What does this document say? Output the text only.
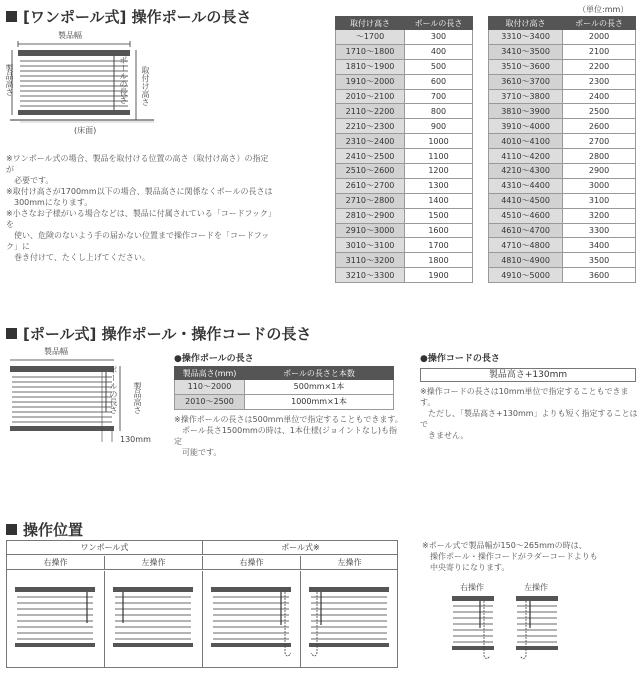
（単位:mm）
[ワンポール式] 操作ポールの長さ
製品幅
製品高さ	ポールの長さ 取付け高さ
(床面)
※ワンポール式の場合、製品を取付ける位置の高さ（取付け高さ）の指定が
　必要です。
※取付け高さが1700mm以下の場合、製品高さに関係なくポールの長さは
　300mmになります。
※小さなお子様がいる場合などは、製品に付属されている「コードフック」を
　使い、危険のないよう手の届かない位置まで操作コードを「コードフック」に
　巻き付けて、たくし上げてください。
取付け高さ	ポールの長さ
～1700	300
1710～1800	400
1810～1900	500
1910～2000	600
2010～2100	700
2110～2200	800
2210～2300	900
2310～2400	1000
2410～2500	1100
2510～2600	1200
2610～2700	1300
2710～2800	1400
2810～2900	1500
2910～3000	1600
3010～3100	1700
3110～3200	1800
3210～3300	1900
取付け高さ	ポールの長さ
3310～3400	2000
3410～3500	2100
3510～3600	2200
3610～3700	2300
3710～3800	2400
3810～3900	2500
3910～4000	2600
4010～4100	2700
4110～4200	2800
4210～4300	2900
4310～4400	3000
4410～4500	3100
4510～4600	3200
4610～4700	3300
4710～4800	3400
4810～4900	3500
4910～5000	3600
[ポール式] 操作ポール・操作コードの長さ
製品幅
ポールの長さ 製品高さ
130mm
●操作ポールの長さ
製品高さ(mm)	ポールの長さと本数
110～2000	500mm×1本
2010～2500	1000mm×1本
※操作ポールの長さは500mm単位で指定することもできます。
　ポール長さ1500mmの時は、1本仕様(ジョイントなし)も指定
　可能です。
●操作コードの長さ
製品高さ+130mm
※操作コードの長さは10mm単位で指定することもできます。
　ただし、「製品高さ+130mm」よりも短く指定することはで
　きません。
操作位置
ワンポール式	ポール式※
右操作	左操作	右操作	左操作
※ポール式で製品幅が150～265mmの時は、
　操作ポール・操作コードがラダーコードよりも
　中央寄りになります。
右操作	左操作
